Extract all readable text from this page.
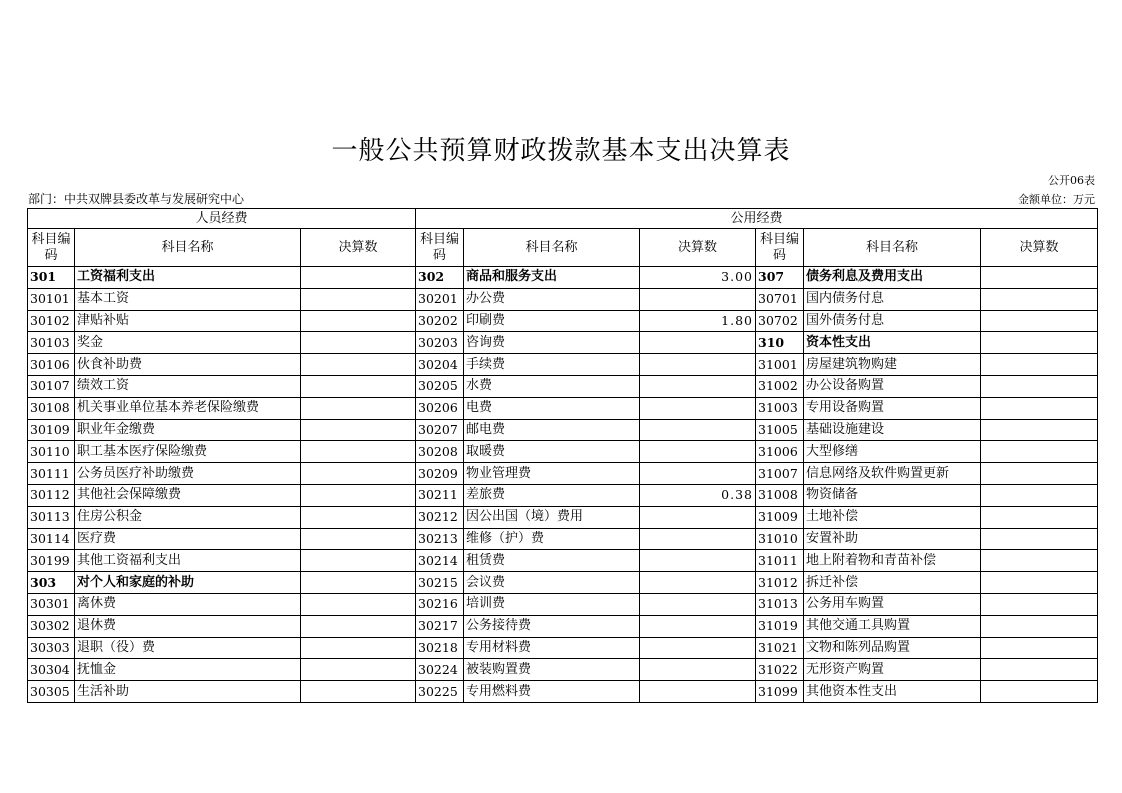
一般公共预算财政拨款基本支出决算表
公开06表
部门：中共双牌县委改革与发展研究中心	金额单位：万元
人员经费			公用经费					
科目编码	科目名称	决算数	科目编码	科目名称	决算数	科目编码	科目名称	决算数
301	工资福利支出		302	商品和服务支出	3.00	307	债务利息及费用支出	
30101	基本工资		30201	办公费		30701	国内债务付息	
30102	津贴补贴		30202	印刷费	1.80	30702	国外债务付息	
30103	奖金		30203	咨询费		310	资本性支出	
30106	伙食补助费		30204	手续费		31001	房屋建筑物购建	
30107	绩效工资		30205	水费		31002	办公设备购置	
30108	机关事业单位基本养老保险缴费		30206	电费		31003	专用设备购置	
30109	职业年金缴费		30207	邮电费		31005	基础设施建设	
30110	职工基本医疗保险缴费		30208	取暖费		31006	大型修缮	
30111	公务员医疗补助缴费		30209	物业管理费		31007	信息网络及软件购置更新	
30112	其他社会保障缴费		30211	差旅费	0.38	31008	物资储备	
30113	住房公积金		30212	因公出国（境）费用		31009	土地补偿	
30114	医疗费		30213	维修（护）费		31010	安置补助	
30199	其他工资福利支出		30214	租赁费		31011	地上附着物和青苗补偿	
303	对个人和家庭的补助		30215	会议费		31012	拆迁补偿	
30301	离休费		30216	培训费		31013	公务用车购置	
30302	退休费		30217	公务接待费		31019	其他交通工具购置	
30303	退职（役）费		30218	专用材料费		31021	文物和陈列品购置	
30304	抚恤金		30224	被装购置费		31022	无形资产购置	
30305	生活补助		30225	专用燃料费		31099	其他资本性支出	
